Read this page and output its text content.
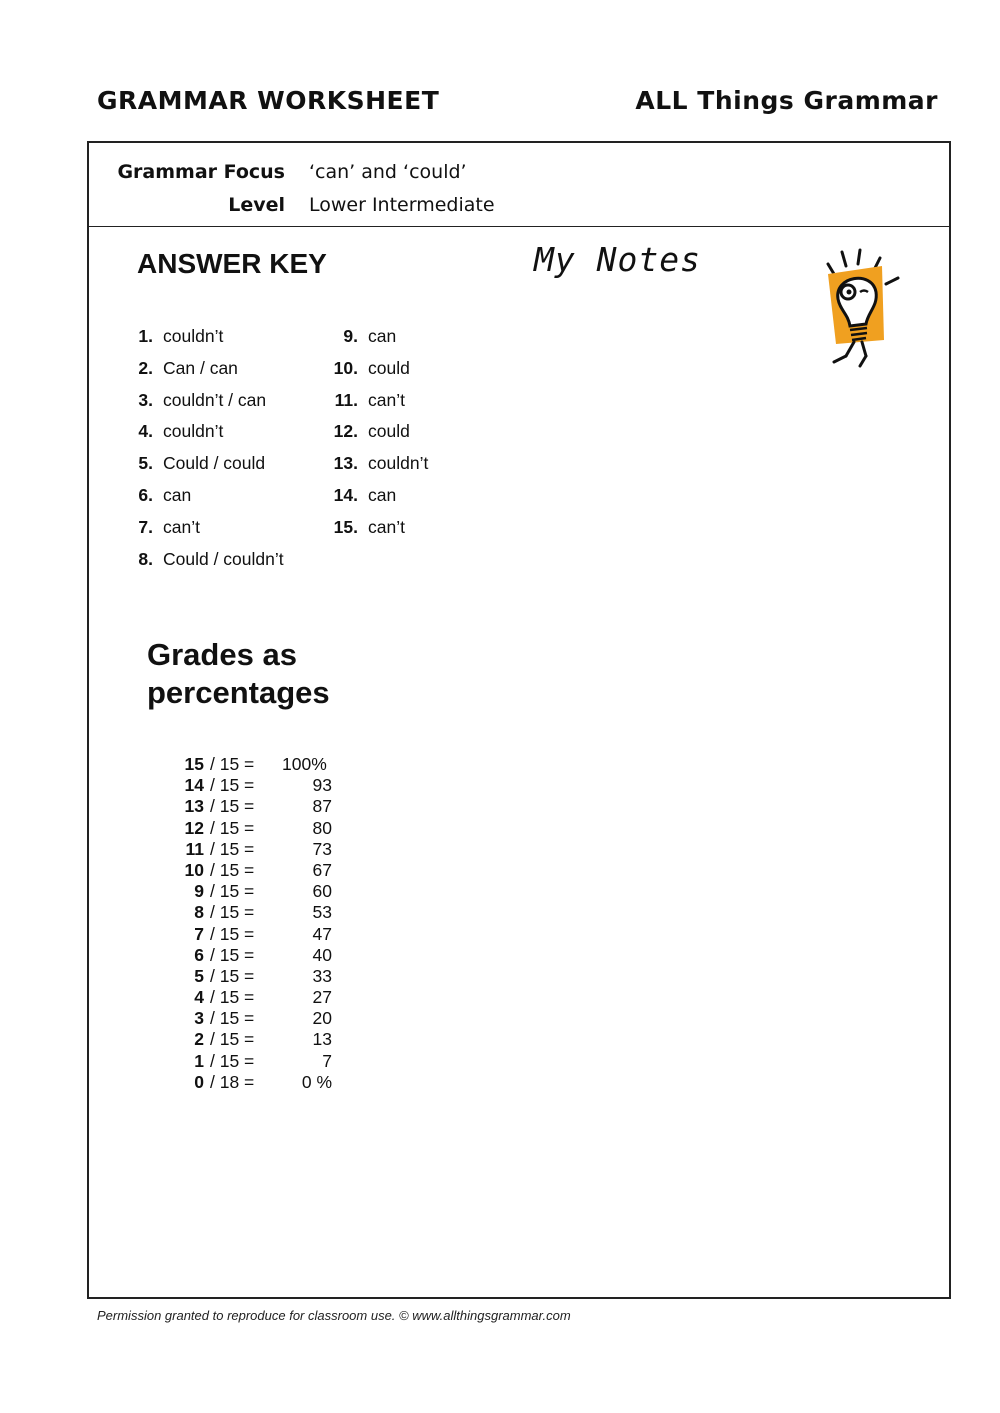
GRAMMAR WORKSHEET	ALL Things Grammar
Grammar Focus ‘can’ and ‘could’
Level Lower Intermediate
ANSWER KEY	My Notes
1. couldn’t
2. Can / can
3. couldn’t / can
4. couldn’t
5. Could / could
6. can
7. can’t
8. Could / couldn’t
9. can
10. could
11. can’t
12. could
13. couldn’t
14. can
15. can’t
Grades as percentages
15 / 15 = 100%
14 / 15 =	93
13 / 15 =	87
12 / 15 =	80
11 / 15 =	73
10 / 15 =	67
9 / 15 =	60
8 / 15 =	53
7 / 15 =	47
6 / 15 =	40
5 / 15 =	33
4 / 15 =	27
3 / 15 =	20
2 / 15 =	13
1 / 15 =	7
0 / 18 =	0 %
Permission granted to reproduce for classroom use. © www.allthingsgrammar.com
